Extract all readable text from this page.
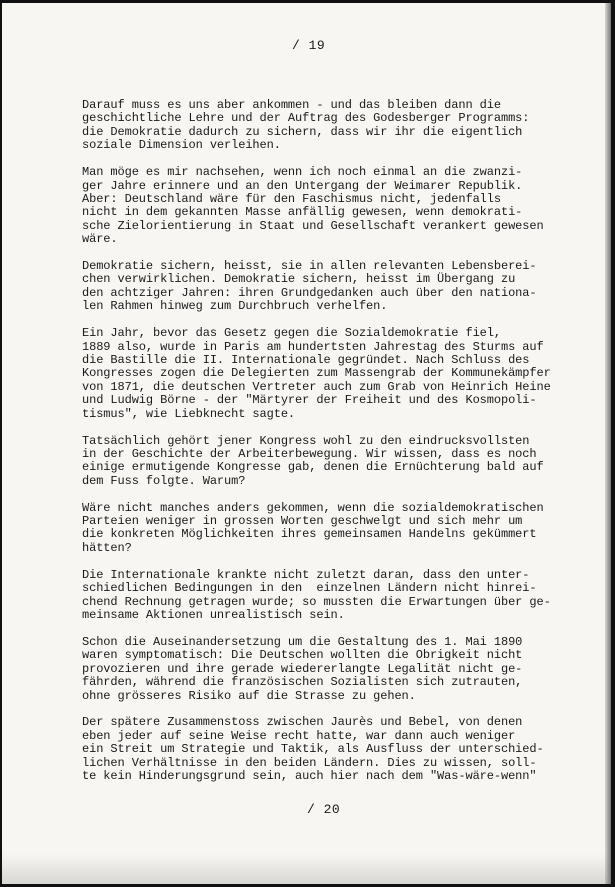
/ 19

Darauf muss es uns aber ankommen - und das bleiben dann die
geschichtliche Lehre und der Auftrag des Godesberger Programms:
die Demokratie dadurch zu sichern, dass wir ihr die eigentlich
soziale Dimension verleihen.

Man möge es mir nachsehen, wenn ich noch einmal an die zwanzi-
ger Jahre erinnere und an den Untergang der Weimarer Republik.
Aber: Deutschland wäre für den Faschismus nicht, jedenfalls
nicht in dem gekannten Masse anfällig gewesen, wenn demokrati-
sche Zielorientierung in Staat und Gesellschaft verankert gewesen
wäre.

Demokratie sichern, heisst, sie in allen relevanten Lebensberei-
chen verwirklichen. Demokratie sichern, heisst im Übergang zu
den achtziger Jahren: ihren Grundgedanken auch über den nationa-
len Rahmen hinweg zum Durchbruch verhelfen.

Ein Jahr, bevor das Gesetz gegen die Sozialdemokratie fiel,
1889 also, wurde in Paris am hundertsten Jahrestag des Sturms auf
die Bastille die II. Internationale gegründet. Nach Schluss des
Kongresses zogen die Delegierten zum Massengrab der Kommunekämpfer
von 1871, die deutschen Vertreter auch zum Grab von Heinrich Heine
und Ludwig Börne - der "Märtyrer der Freiheit und des Kosmopoli-
tismus", wie Liebknecht sagte.

Tatsächlich gehört jener Kongress wohl zu den eindrucksvollsten
in der Geschichte der Arbeiterbewegung. Wir wissen, dass es noch
einige ermutigende Kongresse gab, denen die Ernüchterung bald auf
dem Fuss folgte. Warum?

Wäre nicht manches anders gekommen, wenn die sozialdemokratischen
Parteien weniger in grossen Worten geschwelgt und sich mehr um
die konkreten Möglichkeiten ihres gemeinsamen Handelns gekümmert
hätten?

Die Internationale krankte nicht zuletzt daran, dass den unter-
schiedlichen Bedingungen in den  einzelnen Ländern nicht hinrei-
chend Rechnung getragen wurde; so mussten die Erwartungen über ge-
meinsame Aktionen unrealistisch sein.

Schon die Auseinandersetzung um die Gestaltung des 1. Mai 1890
waren symptomatisch: Die Deutschen wollten die Obrigkeit nicht
provozieren und ihre gerade wiedererlangte Legalität nicht ge-
fährden, während die französischen Sozialisten sich zutrauten,
ohne grösseres Risiko auf die Strasse zu gehen.

Der spätere Zusammenstoss zwischen Jaurès und Bebel, von denen
eben jeder auf seine Weise recht hatte, war dann auch weniger
ein Streit um Strategie und Taktik, als Ausfluss der unterschied-
lichen Verhältnisse in den beiden Ländern. Dies zu wissen, soll-
te kein Hinderungsgrund sein, auch hier nach dem "Was-wäre-wenn"

/ 20
